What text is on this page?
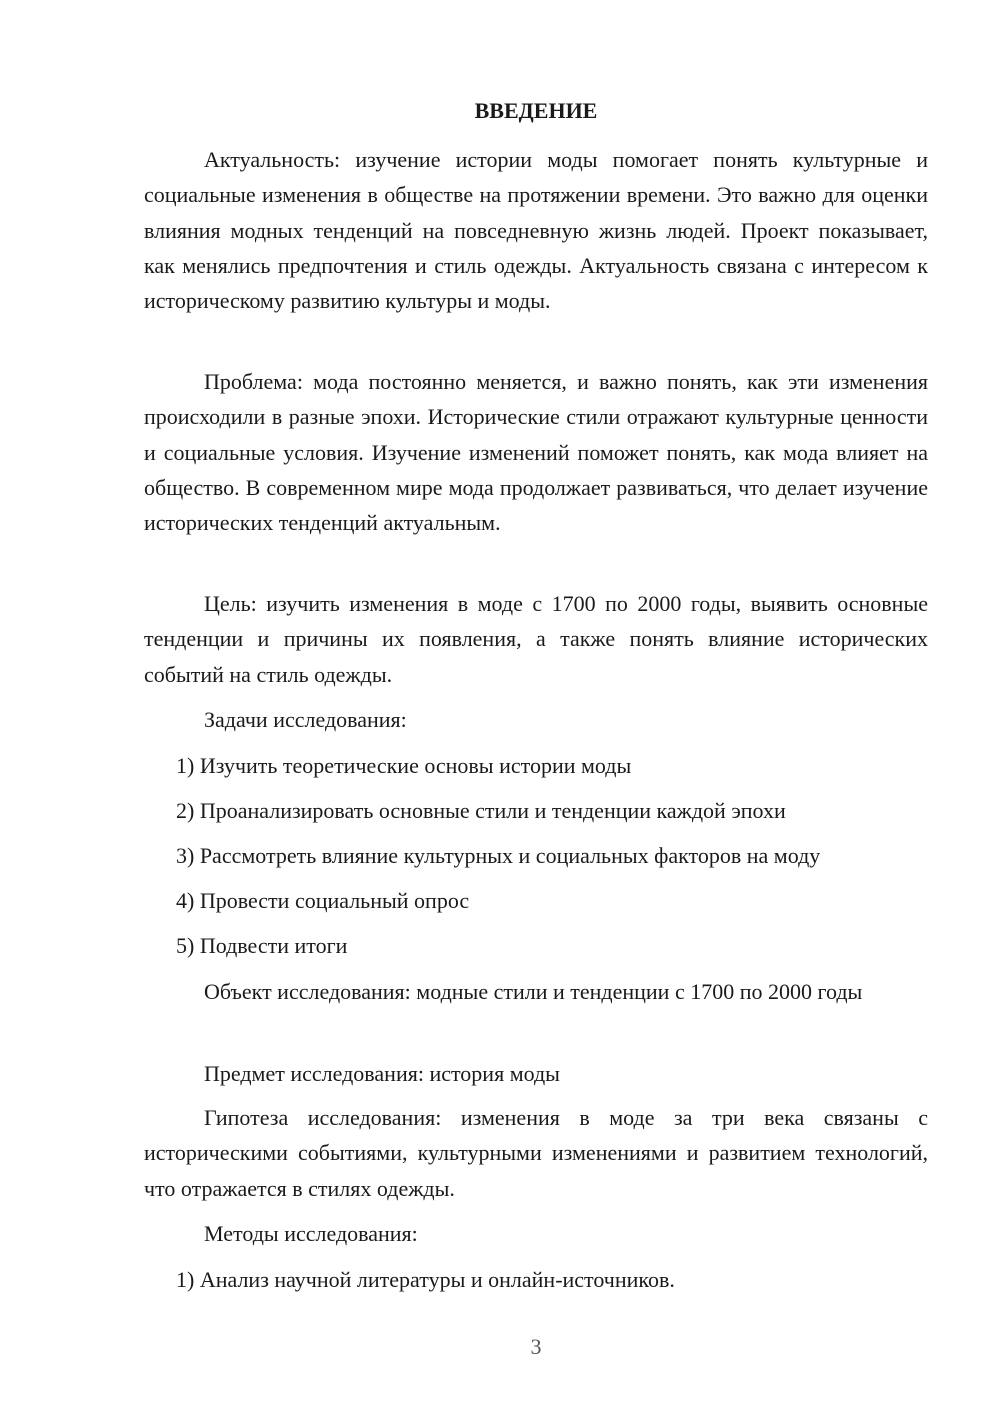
ВВЕДЕНИЕ

Актуальность: изучение истории моды помогает понять культурные и социальные изменения в обществе на протяжении времени. Это важно для оценки влияния модных тенденций на повседневную жизнь людей. Проект показывает, как менялись предпочтения и стиль одежды. Актуальность связана с интересом к историческому развитию культуры и моды.

Проблема: мода постоянно меняется, и важно понять, как эти изменения происходили в разные эпохи. Исторические стили отражают культурные ценности и социальные условия. Изучение изменений поможет понять, как мода влияет на общество. В современном мире мода продолжает развиваться, что делает изучение исторических тенденций актуальным.

Цель: изучить изменения в моде с 1700 по 2000 годы, выявить основные тенденции и причины их появления, а также понять влияние исторических событий на стиль одежды.

Задачи исследования:

1) Изучить теоретические основы истории моды

2) Проанализировать основные стили и тенденции каждой эпохи

3) Рассмотреть влияние культурных и социальных факторов на моду

4) Провести социальный опрос

5) Подвести итоги

Объект исследования: модные стили и тенденции с 1700 по 2000 годы

Предмет исследования: история моды

Гипотеза исследования: изменения в моде за три века связаны с историческими событиями, культурными изменениями и развитием технологий, что отражается в стилях одежды.

Методы исследования:

1) Анализ научной литературы и онлайн-источников.

3
